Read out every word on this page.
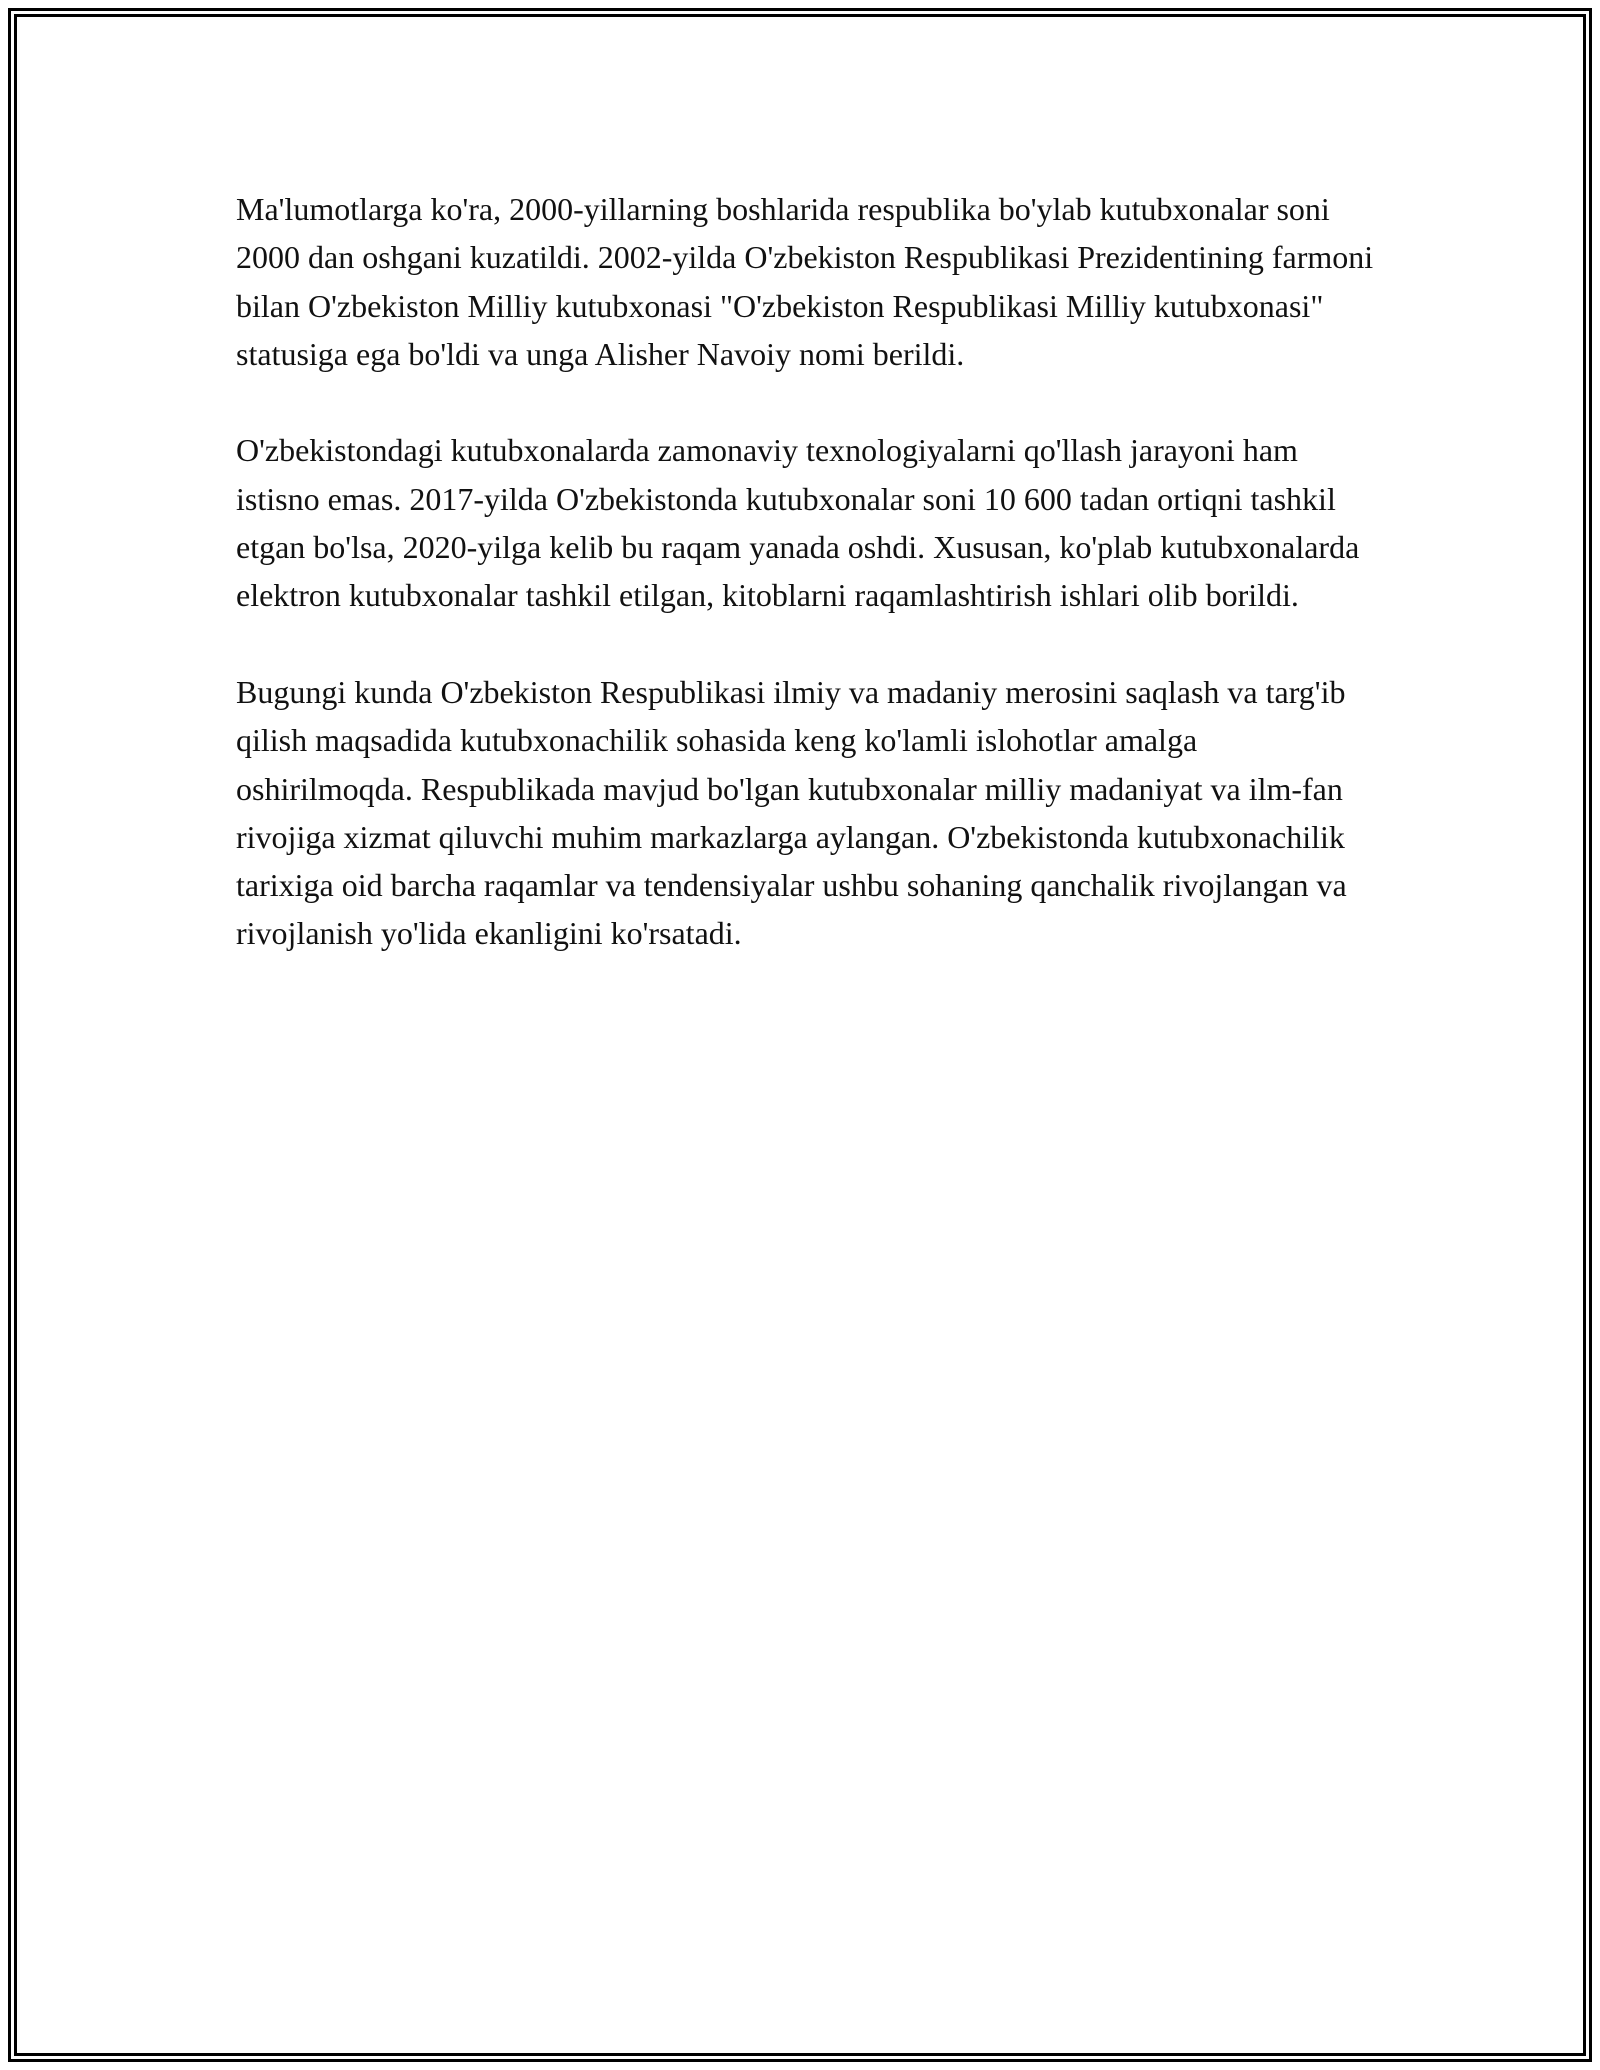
Ma'lumotlarga ko'ra, 2000-yillarning boshlarida respublika bo'ylab kutubxonalar soni 2000 dan oshgani kuzatildi. 2002-yilda O'zbekiston Respublikasi Prezidentining farmoni bilan O'zbekiston Milliy kutubxonasi "O'zbekiston Respublikasi Milliy kutubxonasi" statusiga ega bo'ldi va unga Alisher Navoiy nomi berildi.

O'zbekistondagi kutubxonalarda zamonaviy texnologiyalarni qo'llash jarayoni ham istisno emas. 2017-yilda O'zbekistonda kutubxonalar soni 10 600 tadan ortiqni tashkil etgan bo'lsa, 2020-yilga kelib bu raqam yanada oshdi. Xususan, ko'plab kutubxonalarda elektron kutubxonalar tashkil etilgan, kitoblarni raqamlashtirish ishlari olib borildi.

Bugungi kunda O'zbekiston Respublikasi ilmiy va madaniy merosini saqlash va targ'ib qilish maqsadida kutubxonachilik sohasida keng ko'lamli islohotlar amalga oshirilmoqda. Respublikada mavjud bo'lgan kutubxonalar milliy madaniyat va ilm-fan rivojiga xizmat qiluvchi muhim markazlarga aylangan. O'zbekistonda kutubxonachilik tarixiga oid barcha raqamlar va tendensiyalar ushbu sohaning qanchalik rivojlangan va rivojlanish yo'lida ekanligini ko'rsatadi.
